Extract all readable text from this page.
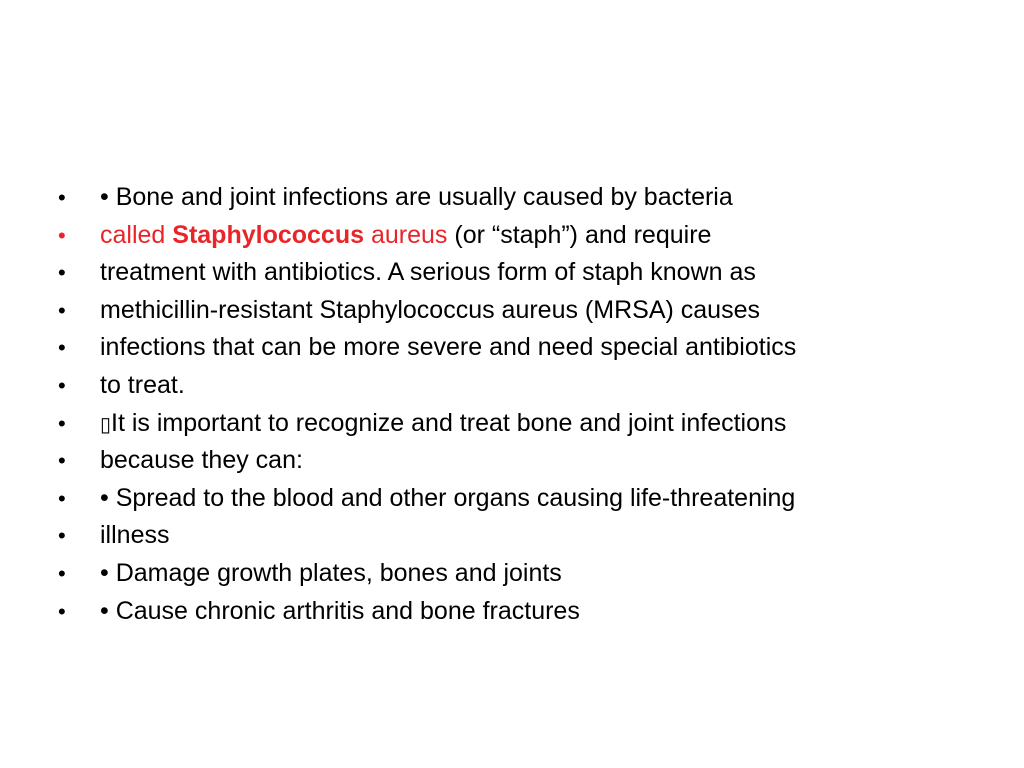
•	• Bone and joint infections are usually caused by bacteria
•	called Staphylococcus aureus (or “staph”) and require
•	treatment with antibiotics. A serious form of staph known as
•	methicillin-resistant Staphylococcus aureus (MRSA) causes
•	infections that can be more severe and need special antibiotics
•	to treat.
•	▯It is important to recognize and treat bone and joint infections
•	because they can:
•	• Spread to the blood and other organs causing life-threatening
•	illness
•	• Damage growth plates, bones and joints
•	• Cause chronic arthritis and bone fractures
